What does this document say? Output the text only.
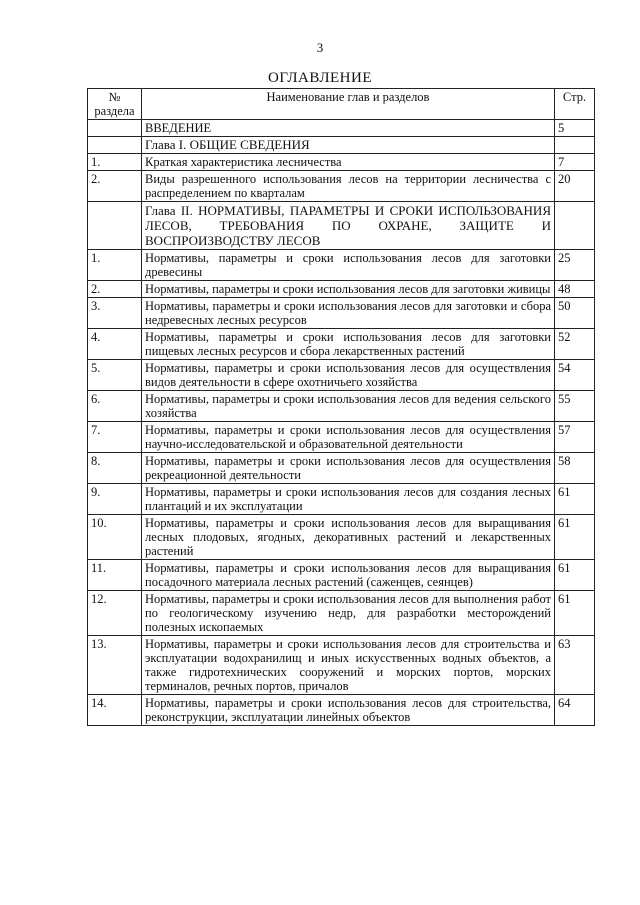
3
ОГЛАВЛЕНИЕ
№ раздела	Наименование глав и разделов	Стр.
	ВВЕДЕНИЕ	5
	Глава I. ОБЩИЕ СВЕДЕНИЯ	
1.	Краткая характеристика лесничества	7
2.	Виды разрешенного использования лесов на территории лесничества с распределением по кварталам	20
	Глава II. НОРМАТИВЫ, ПАРАМЕТРЫ И СРОКИ ИСПОЛЬЗОВАНИЯ ЛЕСОВ, ТРЕБОВАНИЯ ПО ОХРАНЕ, ЗАЩИТЕ И ВОСПРОИЗВОДСТВУ ЛЕСОВ	
1.	Нормативы, параметры и сроки использования лесов для заготовки древесины	25
2.	Нормативы, параметры и сроки использования лесов для заготовки живицы	48
3.	Нормативы, параметры и сроки использования лесов для заготовки и сбора недревесных лесных ресурсов	50
4.	Нормативы, параметры и сроки использования лесов для заготовки пищевых лесных ресурсов и сбора лекарственных растений	52
5.	Нормативы, параметры и сроки использования лесов для осуществления видов деятельности в сфере охотничьего хозяйства	54
6.	Нормативы, параметры и сроки использования лесов для ведения сельского хозяйства	55
7.	Нормативы, параметры и сроки использования лесов для осуществления научно-исследовательской и образовательной деятельности	57
8.	Нормативы, параметры и сроки использования лесов для осуществления рекреационной деятельности	58
9.	Нормативы, параметры и сроки использования лесов для создания лесных плантаций и их эксплуатации	61
10.	Нормативы, параметры и сроки использования лесов для выращивания лесных плодовых, ягодных, декоративных растений и лекарственных растений	61
11.	Нормативы, параметры и сроки использования лесов для выращивания посадочного материала лесных растений (саженцев, сеянцев)	61
12.	Нормативы, параметры и сроки использования лесов для выполнения работ по геологическому изучению недр, для разработки месторождений полезных ископаемых	61
13.	Нормативы, параметры и сроки использования лесов для строительства и эксплуатации водохранилищ и иных искусственных водных объектов, а также гидротехнических сооружений и морских портов, морских терминалов, речных портов, причалов	63
14.	Нормативы, параметры и сроки использования лесов для строительства, реконструкции, эксплуатации линейных объектов	64
